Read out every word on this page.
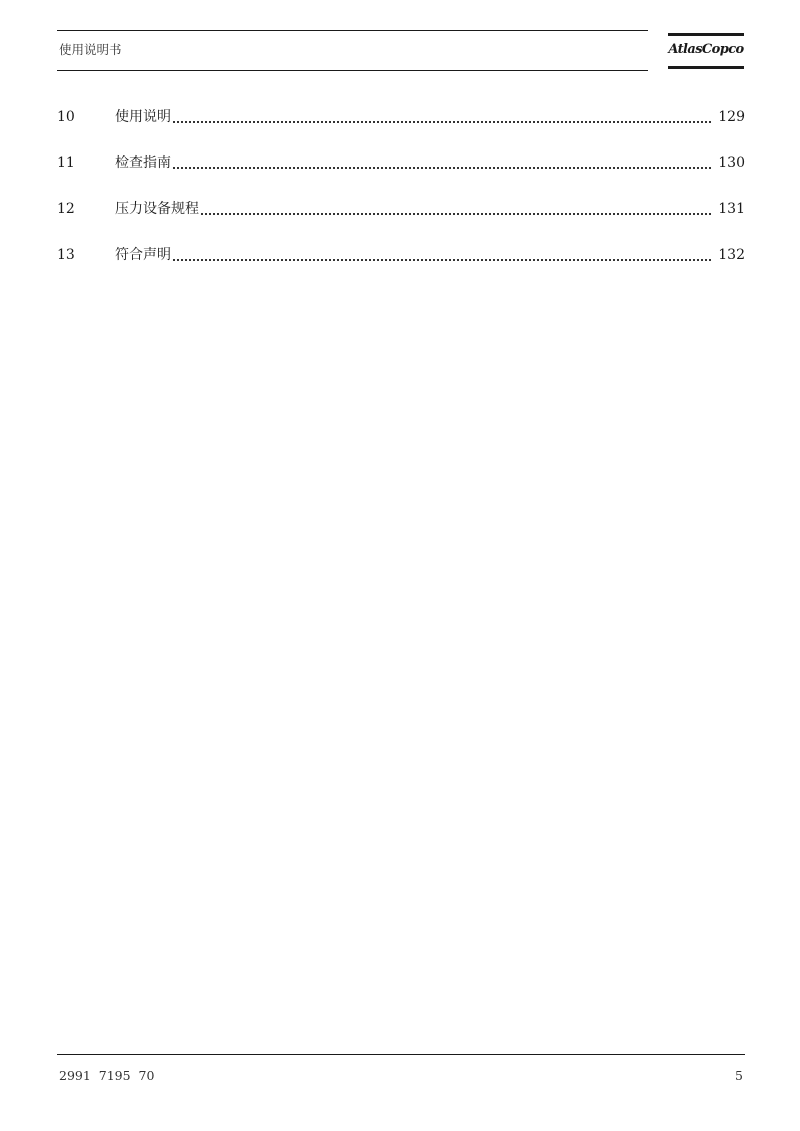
使用说明书	AtlasCopco
10	使用说明	129
11	检查指南	130
12	压力设备规程	131
13	符合声明	132
2991  7195  70	5
